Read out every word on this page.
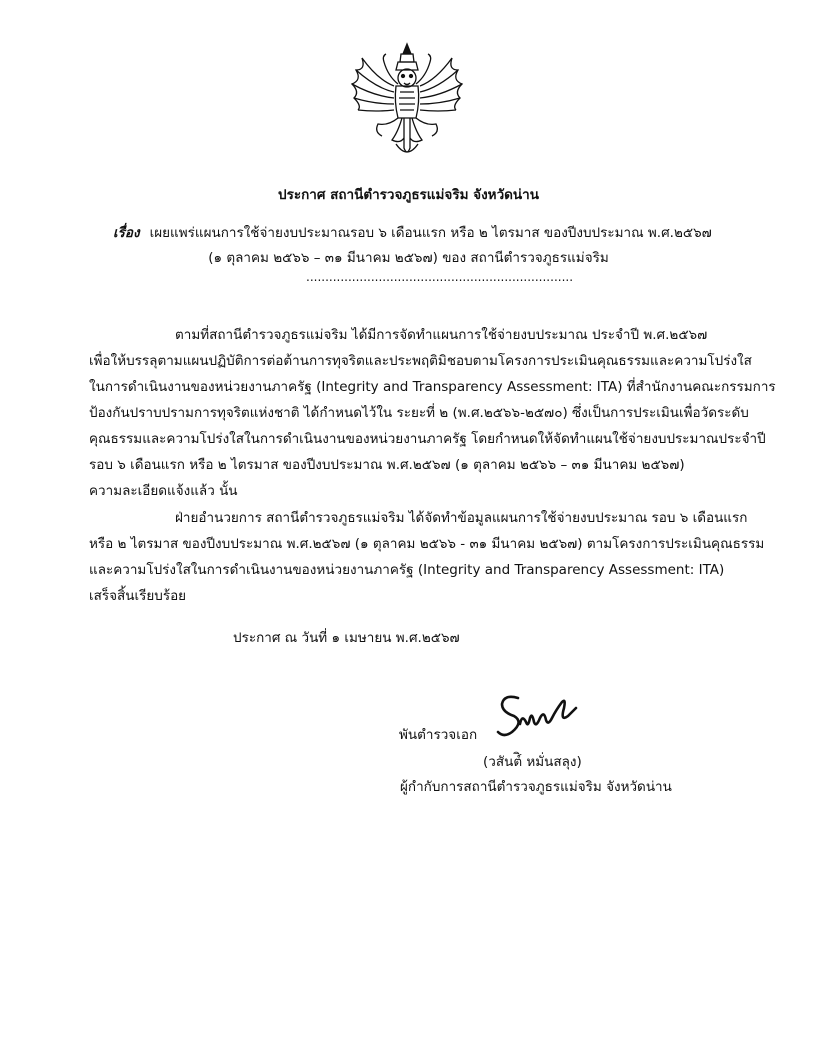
ประกาศ สถานีตำรวจภูธรแม่จริม จังหวัดน่าน
เรื่อง เผยแพร่แผนการใช้จ่ายงบประมาณรอบ ๖ เดือนแรก หรือ ๒ ไตรมาส ของปีงบประมาณ พ.ศ.๒๕๖๗
(๑ ตุลาคม ๒๕๖๖ – ๓๑ มีนาคม ๒๕๖๗) ของ สถานีตำรวจภูธรแม่จริม
......................................................................
ตามที่สถานีตำรวจภูธรแม่จริม ได้มีการจัดทำแผนการใช้จ่ายงบประมาณ ประจำปี พ.ศ.๒๕๖๗
เพื่อให้บรรลุตามแผนปฏิบัติการต่อต้านการทุจริตและประพฤติมิชอบตามโครงการประเมินคุณธรรมและความโปร่งใส
ในการดำเนินงานของหน่วยงานภาครัฐ (Integrity and Transparency Assessment: ITA) ที่สำนักงานคณะกรรมการ
ป้องกันปราบปรามการทุจริตแห่งชาติ ได้กำหนดไว้ใน ระยะที่ ๒ (พ.ศ.๒๕๖๖-๒๕๗๐) ซึ่งเป็นการประเมินเพื่อวัดระดับ
คุณธรรมและความโปร่งใสในการดำเนินงานของหน่วยงานภาครัฐ โดยกำหนดให้จัดทำแผนใช้จ่ายงบประมาณประจำปี
รอบ ๖ เดือนแรก หรือ ๒ ไตรมาส ของปีงบประมาณ พ.ศ.๒๕๖๗ (๑ ตุลาคม ๒๕๖๖ – ๓๑ มีนาคม ๒๕๖๗)
ความละเอียดแจ้งแล้ว นั้น
ฝ่ายอำนวยการ สถานีตำรวจภูธรแม่จริม ได้จัดทำข้อมูลแผนการใช้จ่ายงบประมาณ รอบ ๖ เดือนแรก
หรือ ๒ ไตรมาส ของปีงบประมาณ พ.ศ.๒๕๖๗ (๑ ตุลาคม ๒๕๖๖ - ๓๑ มีนาคม ๒๕๖๗) ตามโครงการประเมินคุณธรรม
และความโปร่งใสในการดำเนินงานของหน่วยงานภาครัฐ (Integrity and Transparency Assessment: ITA)
เสร็จสิ้นเรียบร้อย
ประกาศ ณ วันที่ ๑ เมษายน พ.ศ.๒๕๖๗
พันตำรวจเอก
(วสันต์ิ หมั่นสลุง)
ผู้กำกับการสถานีตำรวจภูธรแม่จริม จังหวัดน่าน
